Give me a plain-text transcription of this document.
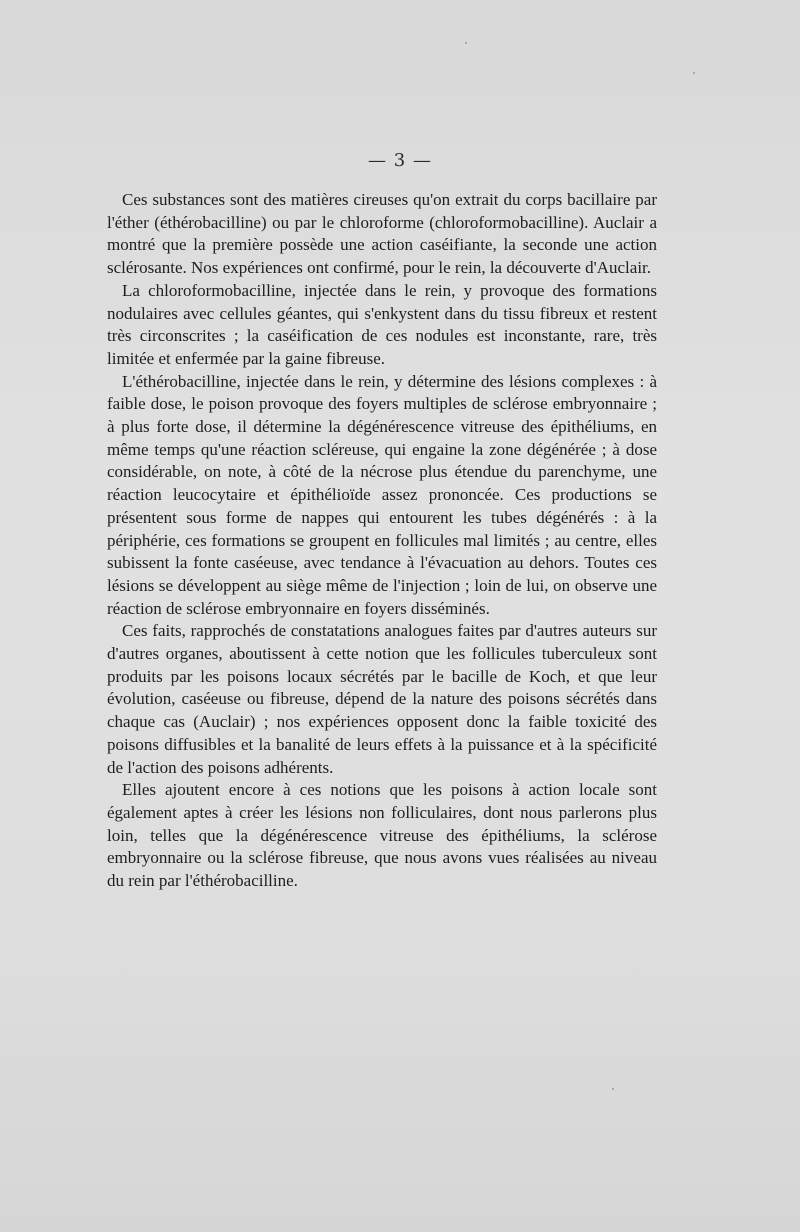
— 3 —

Ces substances sont des matières cireuses qu'on extrait du corps bacillaire par l'éther (éthérobacilline) ou par le chloroforme (chloroformobacilline). Auclair a montré que la première possède une action caséifiante, la seconde une action sclérosante. Nos expériences ont confirmé, pour le rein, la découverte d'Auclair.

La chloroformobacilline, injectée dans le rein, y provoque des formations nodulaires avec cellules géantes, qui s'enkystent dans du tissu fibreux et restent très circonscrites ; la caséification de ces nodules est inconstante, rare, très limitée et enfermée par la gaine fibreuse.

L'éthérobacilline, injectée dans le rein, y détermine des lésions complexes : à faible dose, le poison provoque des foyers multiples de sclérose embryonnaire ; à plus forte dose, il détermine la dégénérescence vitreuse des épithéliums, en même temps qu'une réaction scléreuse, qui engaine la zone dégénérée ; à dose considérable, on note, à côté de la nécrose plus étendue du parenchyme, une réaction leucocytaire et épithélioïde assez prononcée. Ces productions se présentent sous forme de nappes qui entourent les tubes dégénérés : à la périphérie, ces formations se groupent en follicules mal limités ; au centre, elles subissent la fonte caséeuse, avec tendance à l'évacuation au dehors. Toutes ces lésions se développent au siège même de l'injection ; loin de lui, on observe une réaction de sclérose embryonnaire en foyers disséminés.

Ces faits, rapprochés de constatations analogues faites par d'autres auteurs sur d'autres organes, aboutissent à cette notion que les follicules tuberculeux sont produits par les poisons locaux sécrétés par le bacille de Koch, et que leur évolution, caséeuse ou fibreuse, dépend de la nature des poisons sécrétés dans chaque cas (Auclair) ; nos expériences opposent donc la faible toxicité des poisons diffusibles et la banalité de leurs effets à la puissance et à la spécificité de l'action des poisons adhérents.

Elles ajoutent encore à ces notions que les poisons à action locale sont également aptes à créer les lésions non folliculaires, dont nous parlerons plus loin, telles que la dégénérescence vitreuse des épithéliums, la sclérose embryonnaire ou la sclérose fibreuse, que nous avons vues réalisées au niveau du rein par l'éthérobacilline.
